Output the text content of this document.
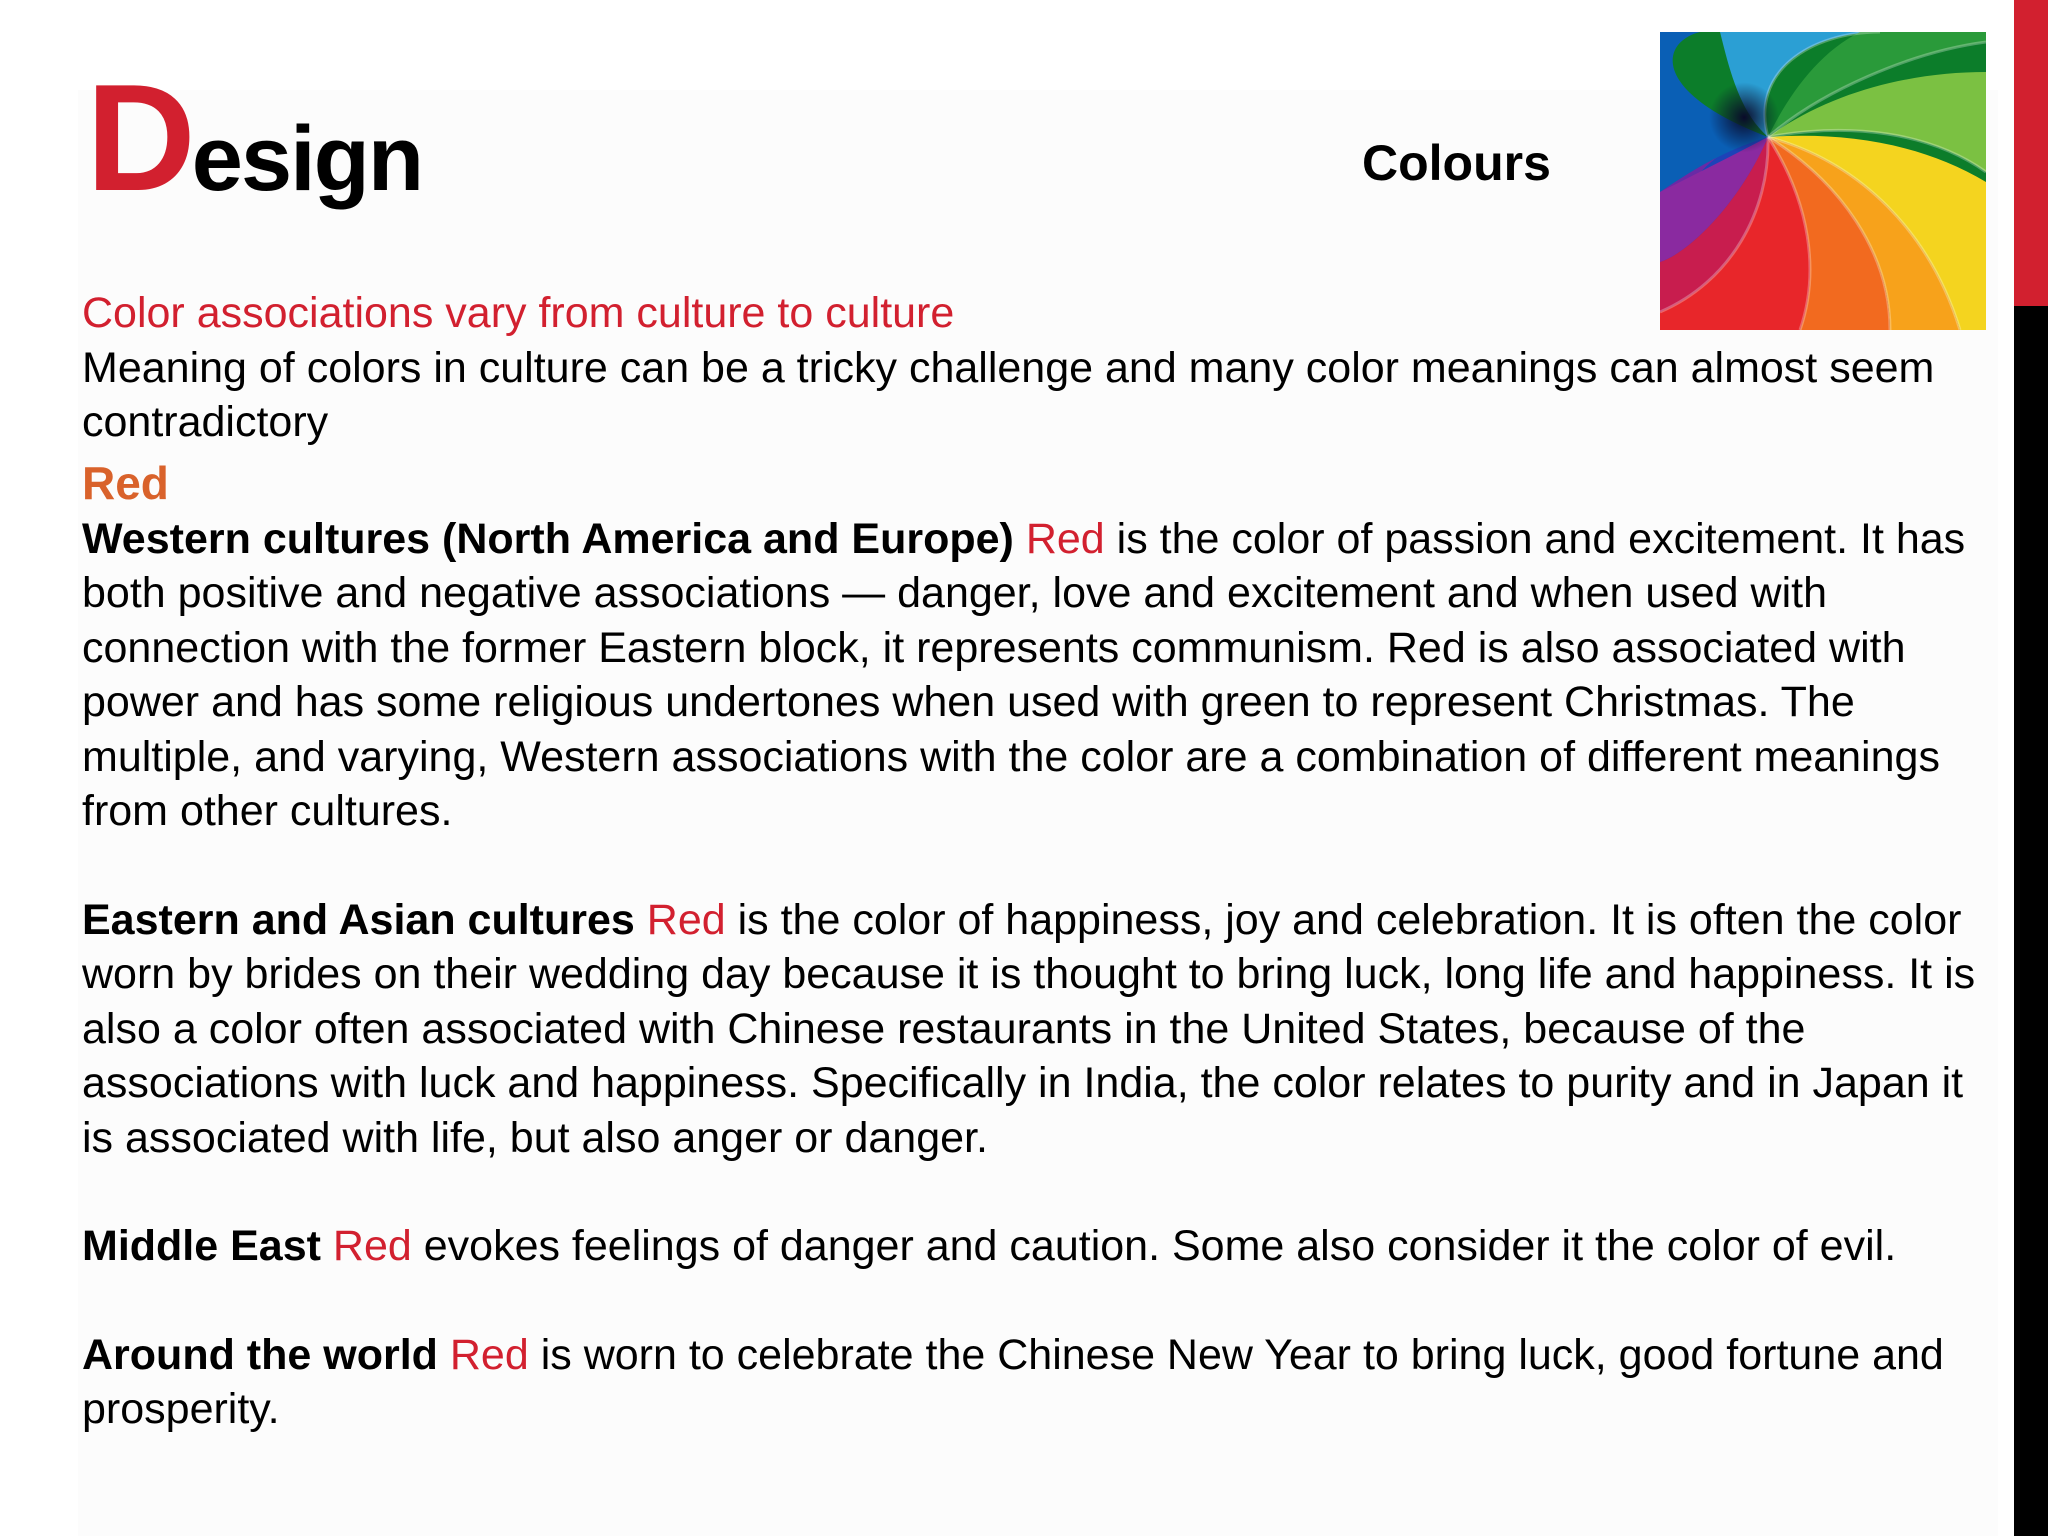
Design	Colours

Color associations vary from culture to culture

Meaning of colors in culture can be a tricky challenge and many color meanings can almost seem contradictory

Red

Western cultures (North America and Europe) Red is the color of passion and excitement. It has both positive and negative associations — danger, love and excitement and when used with connection with the former Eastern block, it represents communism. Red is also associated with power and has some religious undertones when used with green to represent Christmas. The multiple, and varying, Western associations with the color are a combination of different meanings from other cultures.

Eastern and Asian cultures Red is the color of happiness, joy and celebration. It is often the color worn by brides on their wedding day because it is thought to bring luck, long life and happiness. It is also a color often associated with Chinese restaurants in the United States, because of the associations with luck and happiness. Specifically in India, the color relates to purity and in Japan it is associated with life, but also anger or danger.

Middle East Red evokes feelings of danger and caution. Some also consider it the color of evil.

Around the world Red is worn to celebrate the Chinese New Year to bring luck, good fortune and prosperity.
